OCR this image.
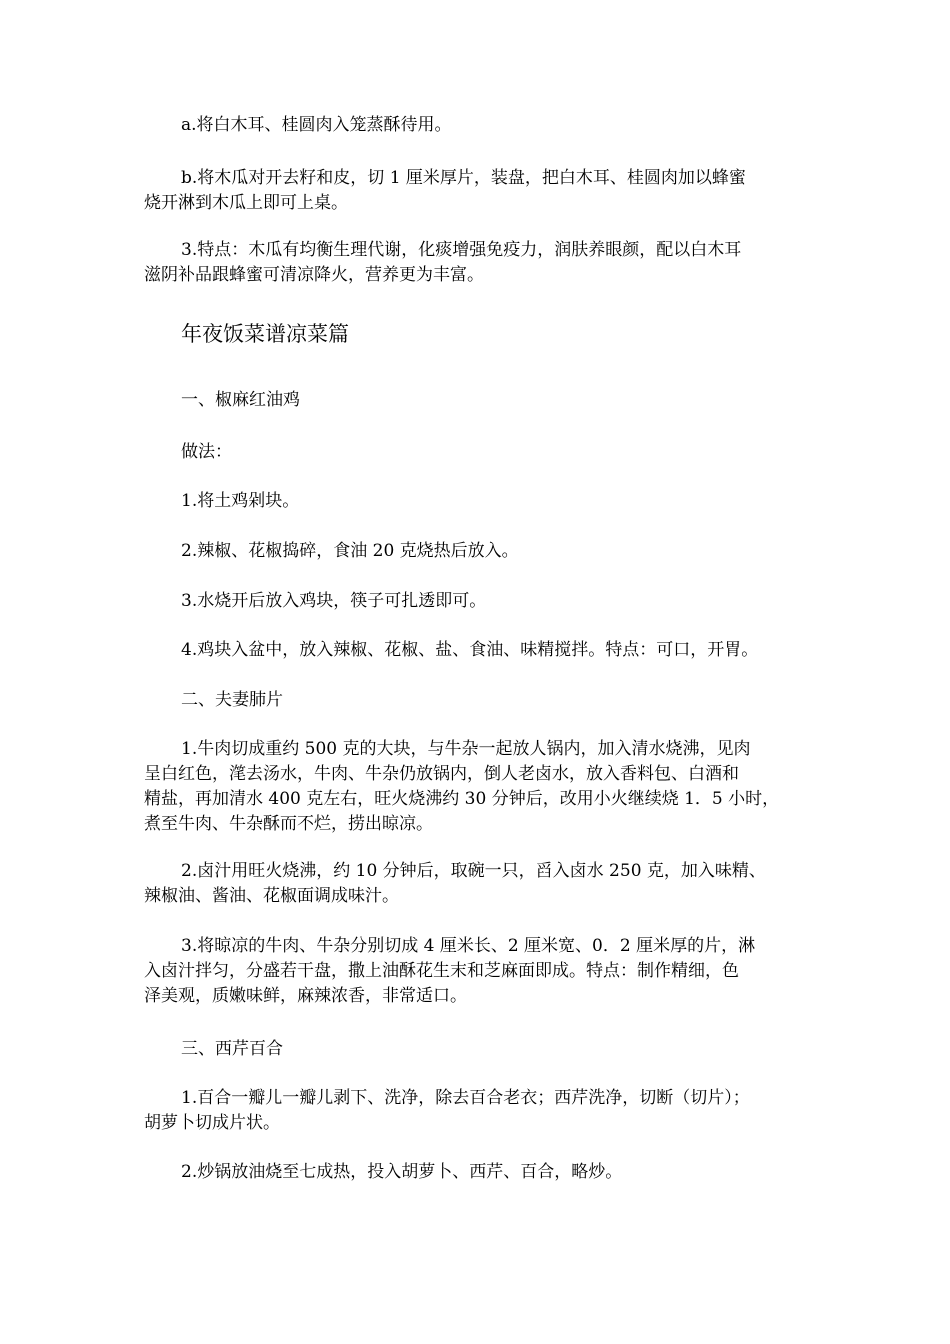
a.将白木耳、桂圆肉入笼蒸酥待用。

b.将木瓜对开去籽和皮，切 1 厘米厚片，装盘，把白木耳、桂圆肉加以蜂蜜
烧开淋到木瓜上即可上桌。
3.特点：木瓜有均衡生理代谢，化痰增强免疫力，润肤养眼颜，配以白木耳
滋阴补品跟蜂蜜可清凉降火，营养更为丰富。
年夜饭菜谱凉菜篇

一、椒麻红油鸡

做法：

1.将土鸡剁块。

2.辣椒、花椒捣碎，食油 20 克烧热后放入。

3.水烧开后放入鸡块，筷子可扎透即可。

4.鸡块入盆中，放入辣椒、花椒、盐、食油、味精搅拌。特点：可口，开胃。

二、夫妻肺片

1.牛肉切成重约 500 克的大块，与牛杂一起放人锅内，加入清水烧沸，见肉
呈白红色，滗去汤水，牛肉、牛杂仍放锅内，倒人老卤水，放入香料包、白酒和
精盐，再加清水 400 克左右，旺火烧沸约 30 分钟后，改用小火继续烧 1．5 小时，
煮至牛肉、牛杂酥而不烂，捞出晾凉。
2.卤汁用旺火烧沸，约 10 分钟后，取碗一只，舀入卤水 250 克，加入味精、
辣椒油、酱油、花椒面调成味汁。
3.将晾凉的牛肉、牛杂分别切成 4 厘米长、2 厘米宽、0．2 厘米厚的片，淋
入卤汁拌匀，分盛若干盘，撒上油酥花生末和芝麻面即成。特点：制作精细，色
泽美观，质嫩味鲜，麻辣浓香，非常适口。

三、西芹百合

1.百合一瓣儿一瓣儿剥下、洗净，除去百合老衣；西芹洗净，切断（切片）；
胡萝卜切成片状。

2.炒锅放油烧至七成热，投入胡萝卜、西芹、百合，略炒。
